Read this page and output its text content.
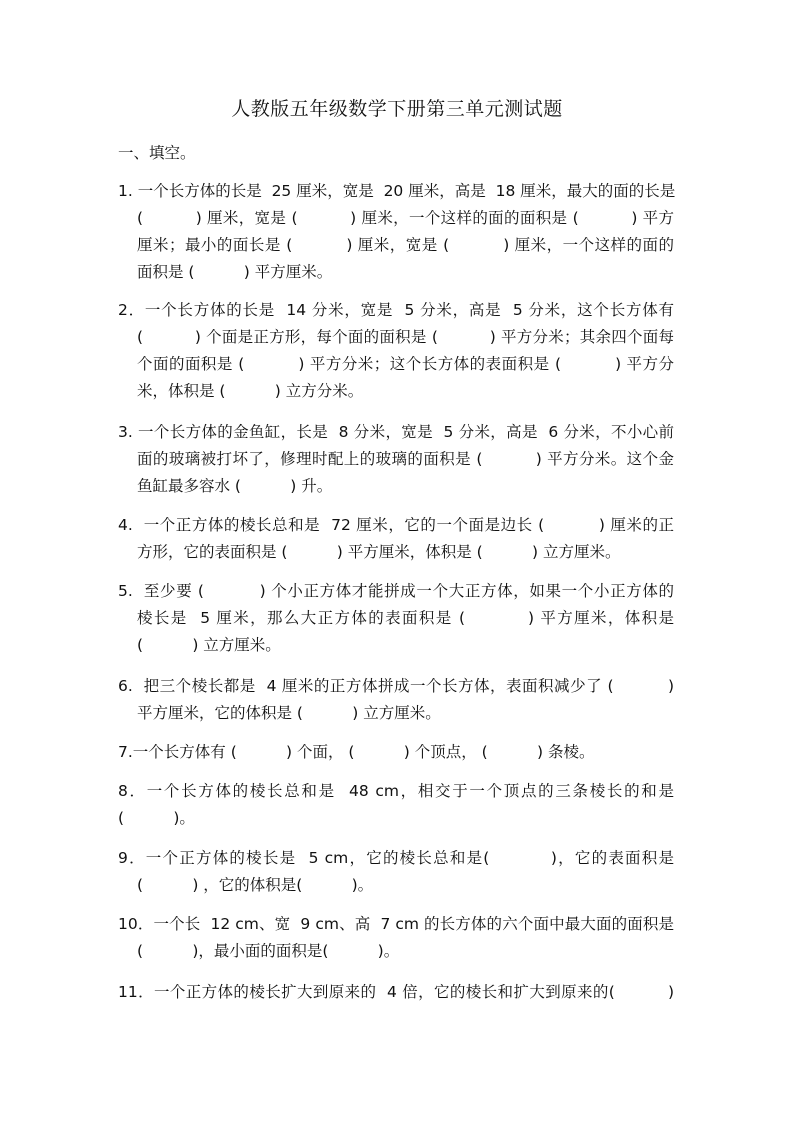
人教版五年级数学下册第三单元测试题
一、填空。
1. 一个长方体的长是  25 厘米，宽是  20 厘米，高是  18 厘米，最大的面的长是
(          ) 厘米，宽是 (          ) 厘米，一个这样的面的面积是 (          ) 平方
厘米；最小的面长是 (          ) 厘米，宽是 (          ) 厘米，一个这样的面的
面积是 (          ) 平方厘米。
2．一个长方体的长是  14 分米，宽是  5 分米，高是  5 分米，这个长方体有
(          ) 个面是正方形，每个面的面积是 (          ) 平方分米；其余四个面每
个面的面积是 (          ) 平方分米；这个长方体的表面积是 (          ) 平方分
米，体积是 (          ) 立方分米。
3. 一个长方体的金鱼缸，长是  8 分米，宽是  5 分米，高是  6 分米，不小心前
面的玻璃被打坏了，修理时配上的玻璃的面积是 (          ) 平方分米。这个金
鱼缸最多容水 (          ) 升。
4.  一个正方体的棱长总和是  72 厘米，它的一个面是边长 (          ) 厘米的正
方形，它的表面积是 (          ) 平方厘米，体积是 (          ) 立方厘米。
5.  至少要 (          ) 个小正方体才能拼成一个大正方体，如果一个小正方体的
棱长是  5 厘米，那么大正方体的表面积是 (          ) 平方厘米，体积是
(          ) 立方厘米。
6.  把三个棱长都是  4 厘米的正方体拼成一个长方体，表面积减少了 (          )
平方厘米，它的体积是 (          ) 立方厘米。
7.一个长方体有 (          ) 个面， (          ) 个顶点， (          ) 条棱。
8．一个长方体的棱长总和是  48 cm，相交于一个顶点的三条棱长的和是
(          )。
9．一个正方体的棱长是  5 cm，它的棱长总和是(          )，它的表面积是
(          ) ，它的体积是(          )。
10．一个长  12 cm、宽  9 cm、高  7 cm 的长方体的六个面中最大面的面积是
(          )，最小面的面积是(          )。
11．一个正方体的棱长扩大到原来的  4 倍，它的棱长和扩大到原来的(          )
